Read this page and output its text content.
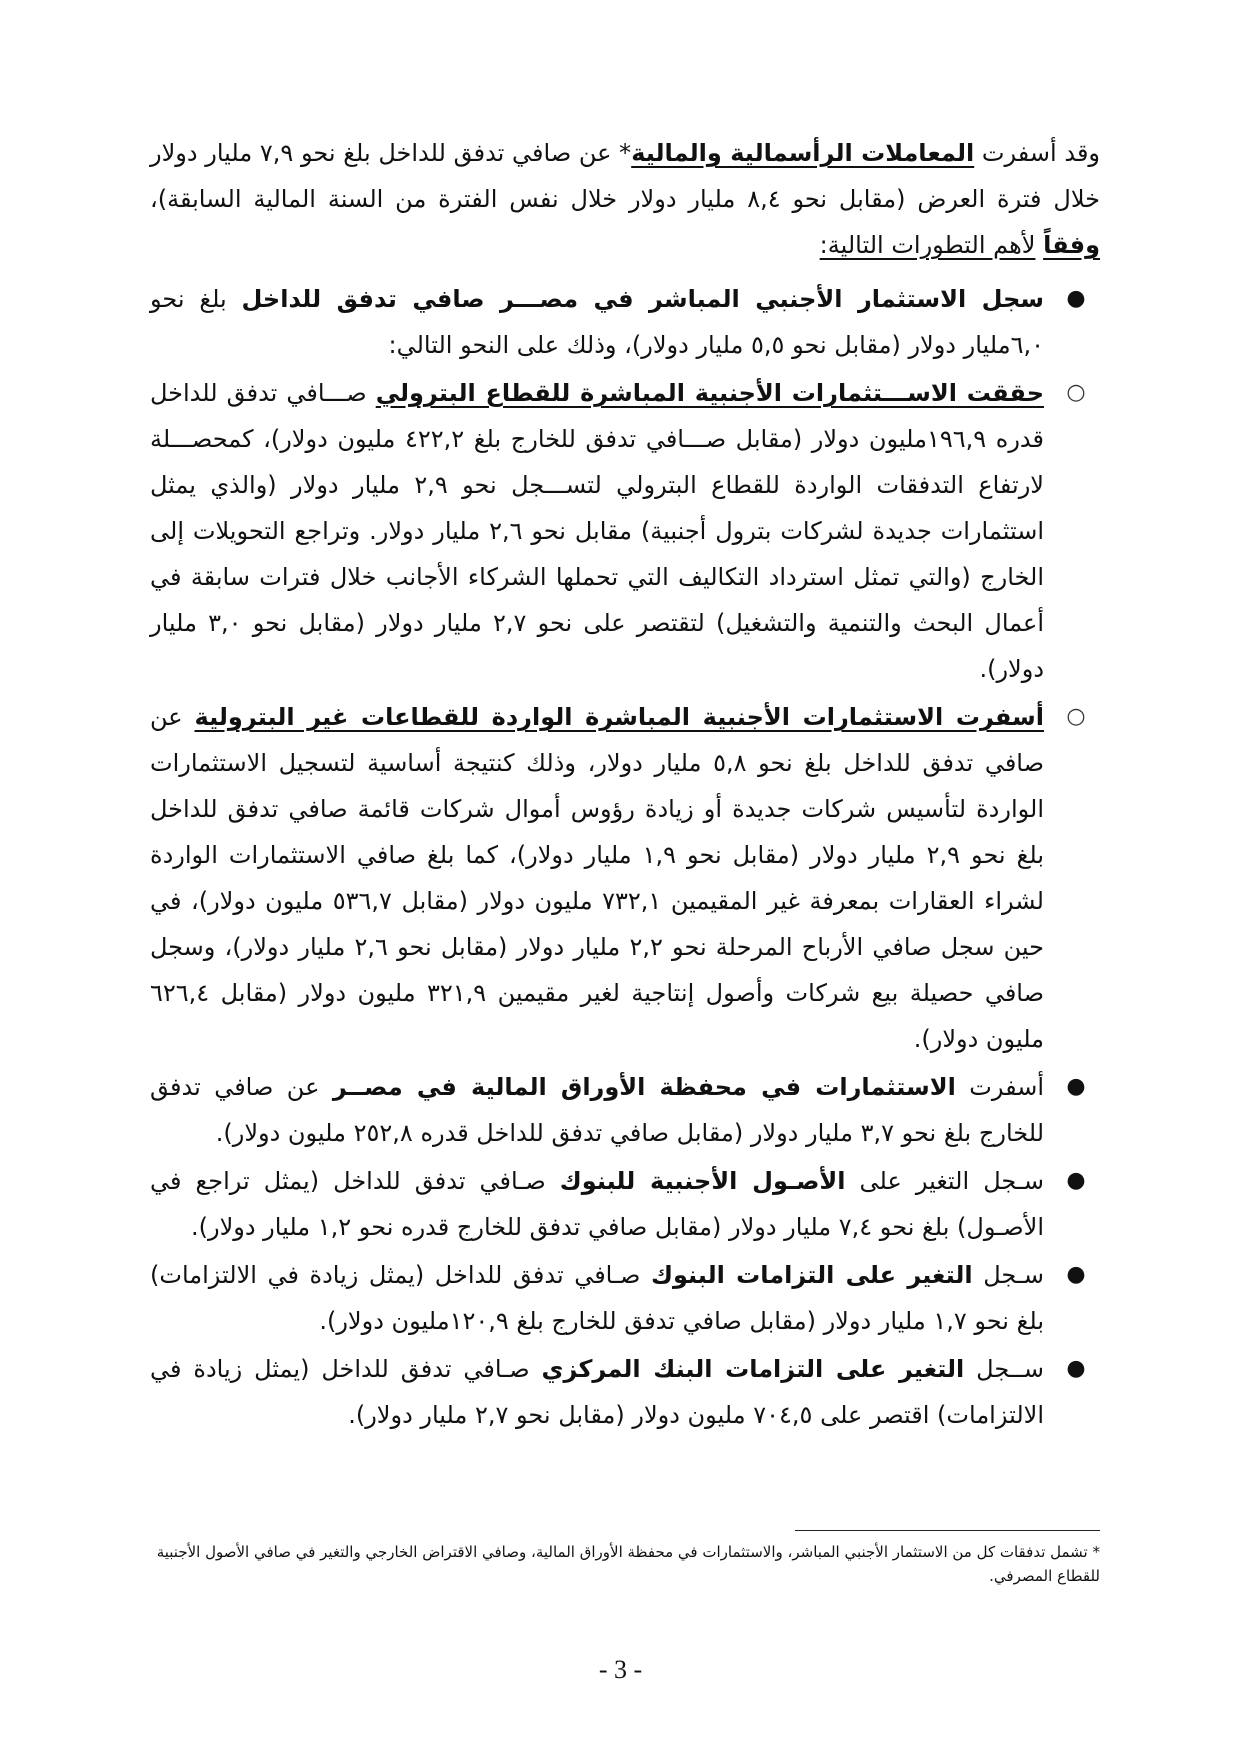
وقد أسفرت المعاملات الرأسمالية والمالية* عن صافي تدفق للداخل بلغ نحو ٧,٩ مليار دولار خلال فترة العرض (مقابل نحو ٨,٤ مليار دولار خلال نفس الفترة من السنة المالية السابقة)، وفقاً لأهم التطورات التالية:

●

سجل الاستثمار الأجنبي المباشر في مصـــر صافي تدفق للداخل بلغ نحو ٦,٠مليار دولار (مقابل نحو ٥,٥ مليار دولار)، وذلك على النحو التالي:

○

حققت الاســـتثمارات الأجنبية المباشرة للقطاع البترولي صـــافي تدفق للداخل قدره ١٩٦,٩مليون دولار (مقابل صـــافي تدفق للخارج بلغ ٤٢٢,٢ مليون دولار)، كمحصـــلة لارتفاع التدفقات الواردة للقطاع البترولي لتســـجل نحو ٢,٩ مليار دولار (والذي يمثل استثمارات جديدة لشركات بترول أجنبية) مقابل نحو ٢,٦ مليار دولار. وتراجع التحويلات إلى الخارج (والتي تمثل استرداد التكاليف التي تحملها الشركاء الأجانب خلال فترات سابقة في أعمال البحث والتنمية والتشغيل) لتقتصر على نحو ٢,٧ مليار دولار (مقابل نحو ٣,٠ مليار دولار).

○

أسفرت الاستثمارات الأجنبية المباشرة الواردة للقطاعات غير البترولية عن صافي تدفق للداخل بلغ نحو ٥,٨ مليار دولار، وذلك كنتيجة أساسية لتسجيل الاستثمارات الواردة لتأسيس شركات جديدة أو زيادة رؤوس أموال شركات قائمة صافي تدفق للداخل بلغ نحو ٢,٩ مليار دولار (مقابل نحو ١,٩ مليار دولار)، كما بلغ صافي الاستثمارات الواردة لشراء العقارات بمعرفة غير المقيمين ٧٣٢,١ مليون دولار (مقابل ٥٣٦,٧ مليون دولار)، في حين سجل صافي الأرباح المرحلة نحو ٢,٢ مليار دولار (مقابل نحو ٢,٦ مليار دولار)، وسجل صافي حصيلة بيع شركات وأصول إنتاجية لغير مقيمين ٣٢١,٩ مليون دولار (مقابل ٦٢٦,٤ مليون دولار).

●

أسفرت الاستثمارات في محفظة الأوراق المالية في مصــر عن صافي تدفق للخارج بلغ نحو ٣,٧ مليار دولار (مقابل صافي تدفق للداخل قدره ٢٥٢,٨ مليون دولار).

●

سـجل التغير على الأصـول الأجنبية للبنوك صـافي تدفق للداخل (يمثل تراجع في الأصـول) بلغ نحو ٧,٤ مليار دولار (مقابل صافي تدفق للخارج قدره نحو ١,٢ مليار دولار).

●

سـجل التغير على التزامات البنوك صـافي تدفق للداخل (يمثل زيادة في الالتزامات) بلغ نحو ١,٧ مليار دولار (مقابل صافي تدفق للخارج بلغ ١٢٠,٩مليون دولار).

●

ســجل التغير على التزامات البنك المركزي صـافي تدفق للداخل (يمثل زيادة في الالتزامات) اقتصر على ٧٠٤,٥ مليون دولار (مقابل نحو ٢,٧ مليار دولار).

* تشمل تدفقات كل من الاستثمار الأجنبي المباشر، والاستثمارات في محفظة الأوراق المالية، وصافي الاقتراض الخارجي والتغير في صافي الأصول الأجنبية للقطاع المصرفي.
- 3 -
